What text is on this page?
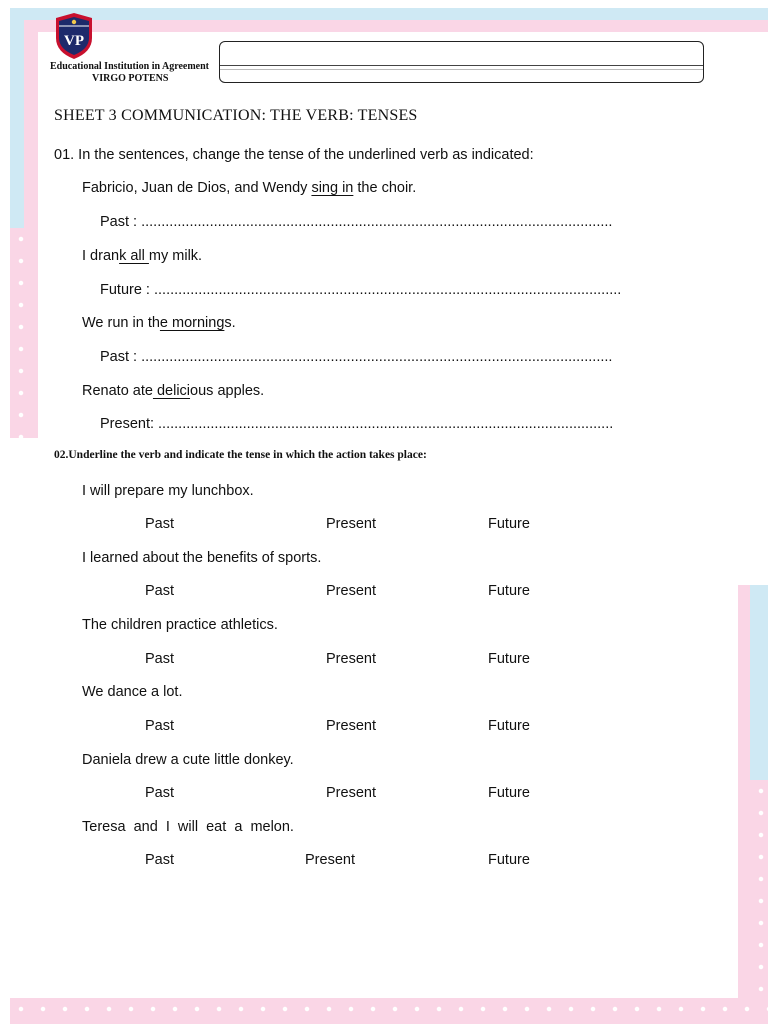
VP
Educational Institution in Agreement
VIRGO POTENS
SHEET 3 COMMUNICATION: THE VERB: TENSES
01. In the sentences, change the tense of the underlined verb as indicated:
Fabricio, Juan de Dios, and Wendy sing in the choir.
Past : .....................................................................................................................
I drank all my milk.
Future : ....................................................................................................................
We run in the mornings.
Past : .....................................................................................................................
Renato ate delicious apples.
Present: .................................................................................................................
02.Underline the verb and indicate the tense in which the action takes place:
I will prepare my lunchbox.
Past	Present	Future
I learned about the benefits of sports.
Past	Present	Future
The children practice athletics.
Past	Present	Future
We dance a lot.
Past	Present	Future
Daniela drew a cute little donkey.
Past	Present	Future
Teresa  and  I  will  eat  a  melon.
Past	Present	Future
